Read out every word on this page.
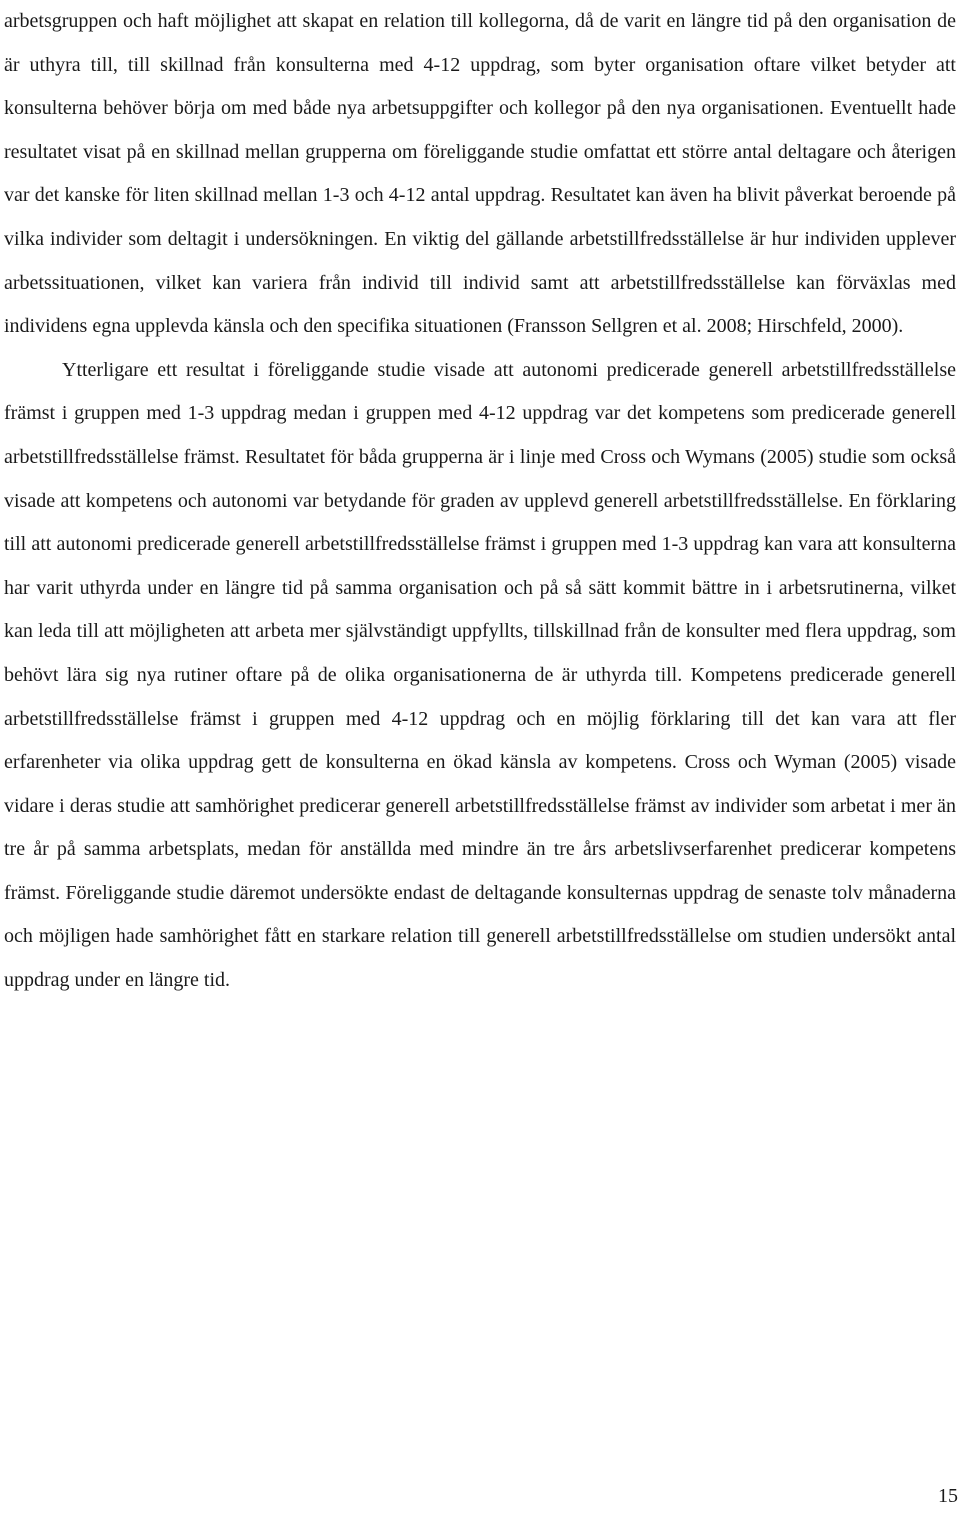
arbetsgruppen och haft möjlighet att skapat en relation till kollegorna, då de varit en längre tid på den organisation de är uthyra till, till skillnad från konsulterna med 4-12 uppdrag, som byter organisation oftare vilket betyder att konsulterna behöver börja om med både nya arbetsuppgifter och kollegor på den nya organisationen. Eventuellt hade resultatet visat på en skillnad mellan grupperna om föreliggande studie omfattat ett större antal deltagare och återigen var det kanske för liten skillnad mellan 1-3 och 4-12 antal uppdrag. Resultatet kan även ha blivit påverkat beroende på vilka individer som deltagit i undersökningen. En viktig del gällande arbetstillfredsställelse är hur individen upplever arbetssituationen, vilket kan variera från individ till individ samt att arbetstillfredsställelse kan förväxlas med individens egna upplevda känsla och den specifika situationen (Fransson Sellgren et al. 2008; Hirschfeld, 2000).

Ytterligare ett resultat i föreliggande studie visade att autonomi predicerade generell arbetstillfredsställelse främst i gruppen med 1-3 uppdrag medan i gruppen med 4-12 uppdrag var det kompetens som predicerade generell arbetstillfredsställelse främst. Resultatet för båda grupperna är i linje med Cross och Wymans (2005) studie som också visade att kompetens och autonomi var betydande för graden av upplevd generell arbetstillfredsställelse. En förklaring till att autonomi predicerade generell arbetstillfredsställelse främst i gruppen med 1-3 uppdrag kan vara att konsulterna har varit uthyrda under en längre tid på samma organisation och på så sätt kommit bättre in i arbetsrutinerna, vilket kan leda till att möjligheten att arbeta mer självständigt uppfyllts, tillskillnad från de konsulter med flera uppdrag, som behövt lära sig nya rutiner oftare på de olika organisationerna de är uthyrda till. Kompetens predicerade generell arbetstillfredsställelse främst i gruppen med 4-12 uppdrag och en möjlig förklaring till det kan vara att fler erfarenheter via olika uppdrag gett de konsulterna en ökad känsla av kompetens. Cross och Wyman (2005) visade vidare i deras studie att samhörighet predicerar generell arbetstillfredsställelse främst av individer som arbetat i mer än tre år på samma arbetsplats, medan för anställda med mindre än tre års arbetslivserfarenhet predicerar kompetens främst. Föreliggande studie däremot undersökte endast de deltagande konsulternas uppdrag de senaste tolv månaderna och möjligen hade samhörighet fått en starkare relation till generell arbetstillfredsställelse om studien undersökt antal uppdrag under en längre tid.

15
